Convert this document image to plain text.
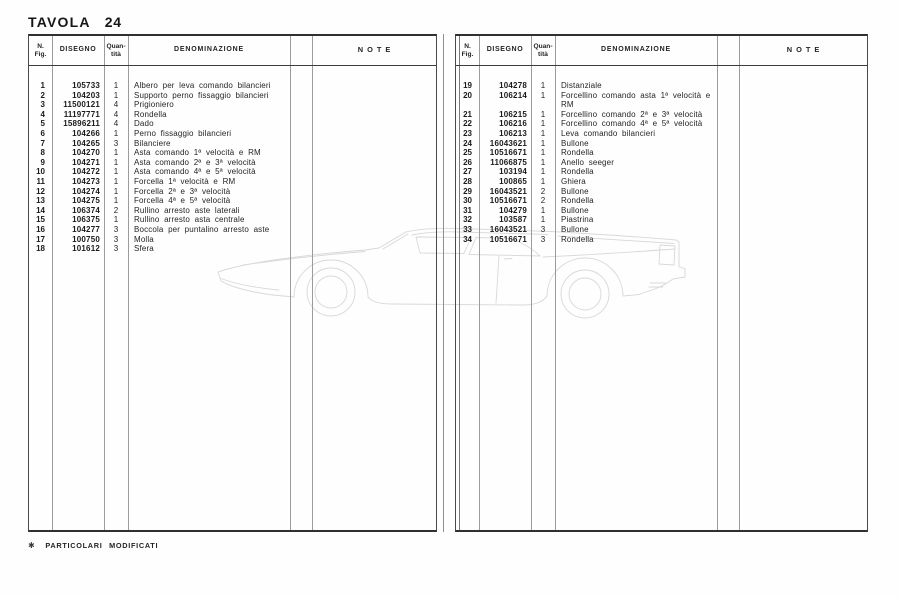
TAVOLA 24
N.
Fig.
DISEGNO
Quan-
tità
DENOMINAZIONE	NOTE
1	105733	1	Albero per leva comando bilancieri
2	104203	1	Supporto perno fissaggio bilancieri
3	11500121	4	Prigioniero
4	11197771	4	Rondella
5	15896211	4	Dado
6	104266	1	Perno fissaggio bilancieri
7	104265	3	Bilanciere
8	104270	1	Asta comando 1ª velocità e RM
9	104271	1	Asta comando 2ª e 3ª velocità
10	104272	1	Asta comando 4ª e 5ª velocità
11	104273	1	Forcella 1ª velocità e RM
12	104274	1	Forcella 2ª e 3ª velocità
13	104275	1	Forcella 4ª e 5ª velocità
14	106374	2	Rullino arresto aste laterali
15	106375	1	Rullino arresto asta centrale
16	104277	3	Boccola per puntalino arresto aste
17	100750	3	Molla
18	101612	3	Sfera
N.
Fig.
DISEGNO
Quan-
tità
DENOMINAZIONE	NOTE
19	104278	1	Distanziale
20	106214	1	Forcellino comando asta 1ª velocità e RM
21	106215	1	Forcellino comando 2ª e 3ª velocità
22	106216	1	Forcellino comando 4ª e 5ª velocità
23	106213	1	Leva comando bilancieri
24	16043621	1	Bullone
25	10516671	1	Rondella
26	11066875	1	Anello seeger
27	103194	1	Rondella
28	100865	1	Ghiera
29	16043521	2	Bullone
30	10516671	2	Rondella
31	104279	1	Bullone
32	103587	1	Piastrina
33	16043521	3	Bullone
34	10516671	3	Rondella
✱ PARTICOLARI MODIFICATI
